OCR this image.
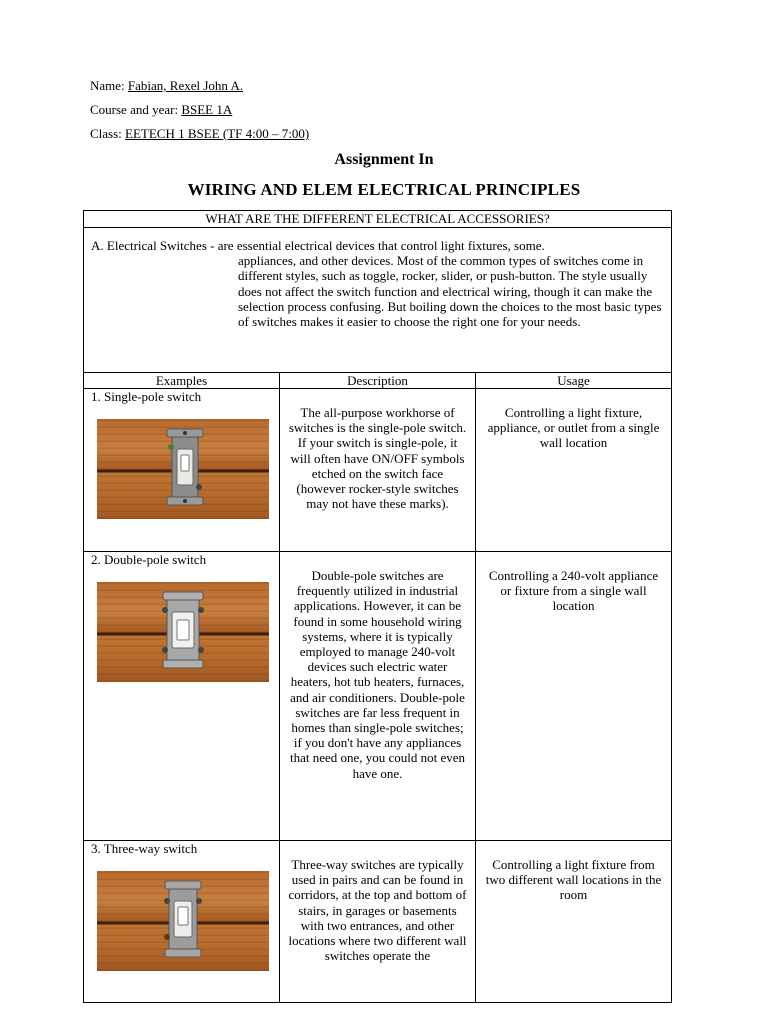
Name: Fabian, Rexel John A.
Course and year: BSEE 1A
Class: EETECH 1 BSEE (TF 4:00 – 7:00)
Assignment In
WIRING AND ELEM ELECTRICAL PRINCIPLES
WHAT ARE THE DIFFERENT ELECTRICAL ACCESSORIES?		

A. Electrical Switches - are essential electrical devices that control light fixtures, some.
appliances, and other devices. Most of the common types of switches come in different styles, such as toggle, rocker, slider, or push-button. The style usually does not affect the switch function and electrical wiring, though it can make the selection process confusing. But boiling down the choices to the most basic types of switches makes it easier to choose the right one for your needs.		

Examples	Description	Usage

1. Single-pole switch	The all-purpose workhorse of switches is the single-pole switch. If your switch is single-pole, it will often have ON/OFF symbols etched on the switch face (however rocker-style switches may not have these marks).	Controlling a light fixture, appliance, or outlet from a single wall location

2. Double-pole switch	Double-pole switches are frequently utilized in industrial applications. However, it can be found in some household wiring systems, where it is typically employed to manage 240-volt devices such electric water heaters, hot tub heaters, furnaces, and air conditioners. Double-pole switches are far less frequent in homes than single-pole switches; if you don't have any appliances that need one, you could not even have one.	Controlling a 240-volt appliance or fixture from a single wall location

3. Three-way switch	Three-way switches are typically used in pairs and can be found in corridors, at the top and bottom of stairs, in garages or basements with two entrances, and other locations where two different wall switches operate the	Controlling a light fixture from two different wall locations in the room
